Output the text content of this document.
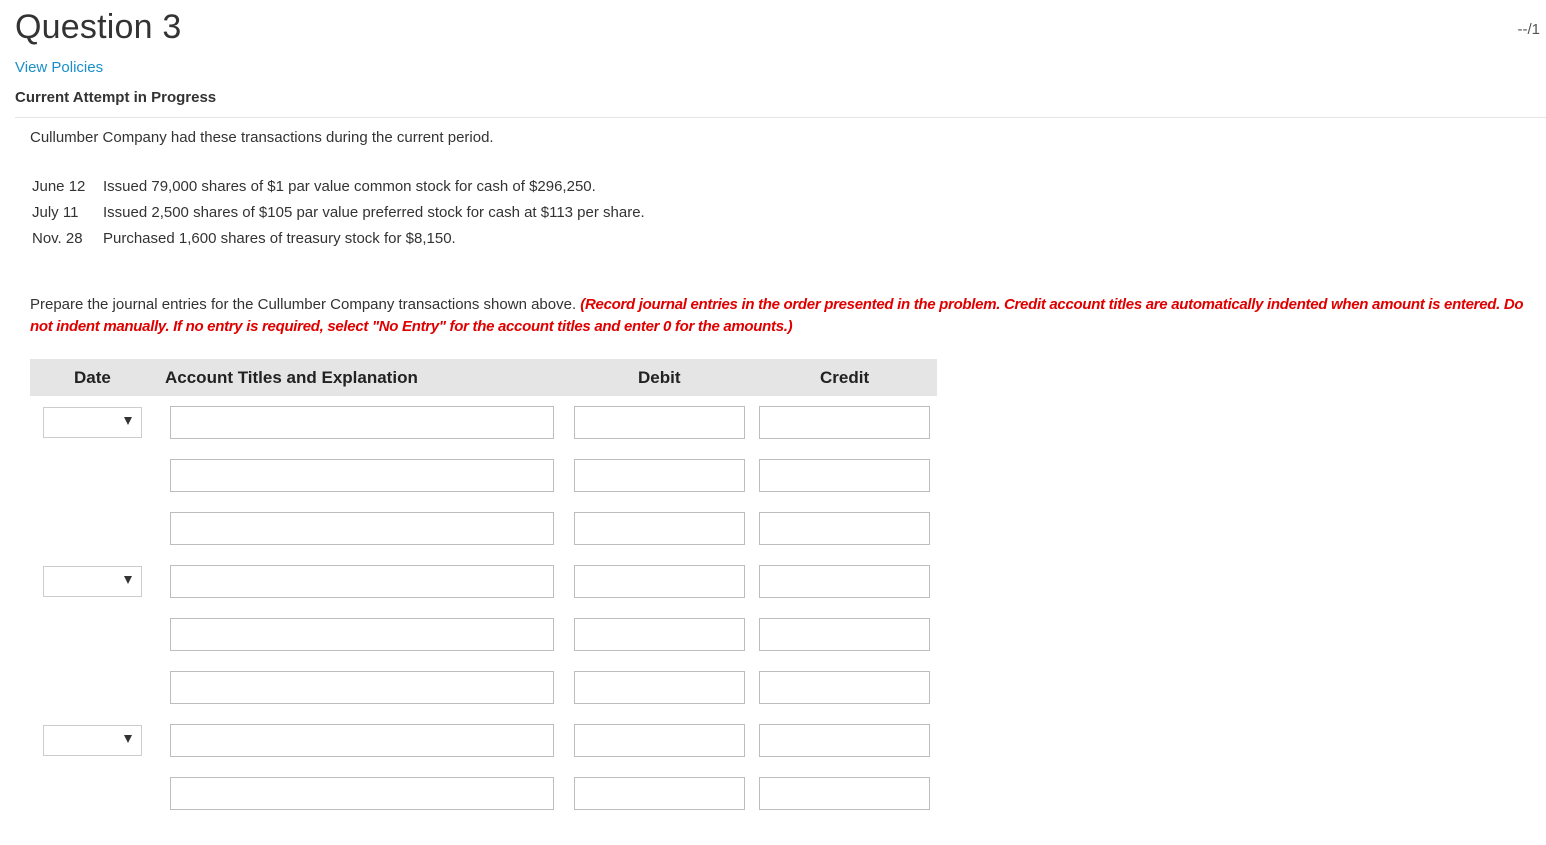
Question 3	--/1
View Policies
Current Attempt in Progress
Cullumber Company had these transactions during the current period.
June 12	Issued 79,000 shares of $1 par value common stock for cash of $296,250.
July 11	Issued 2,500 shares of $105 par value preferred stock for cash at $113 per share.
Nov. 28	Purchased 1,600 shares of treasury stock for $8,150.
Prepare the journal entries for the Cullumber Company transactions shown above. (Record journal entries in the order presented in the problem. Credit account titles are automatically indented when amount is entered. Do not indent manually. If no entry is required, select "No Entry" for the account titles and enter 0 for the amounts.)
Date	Account Titles and Explanation	Debit	Credit
